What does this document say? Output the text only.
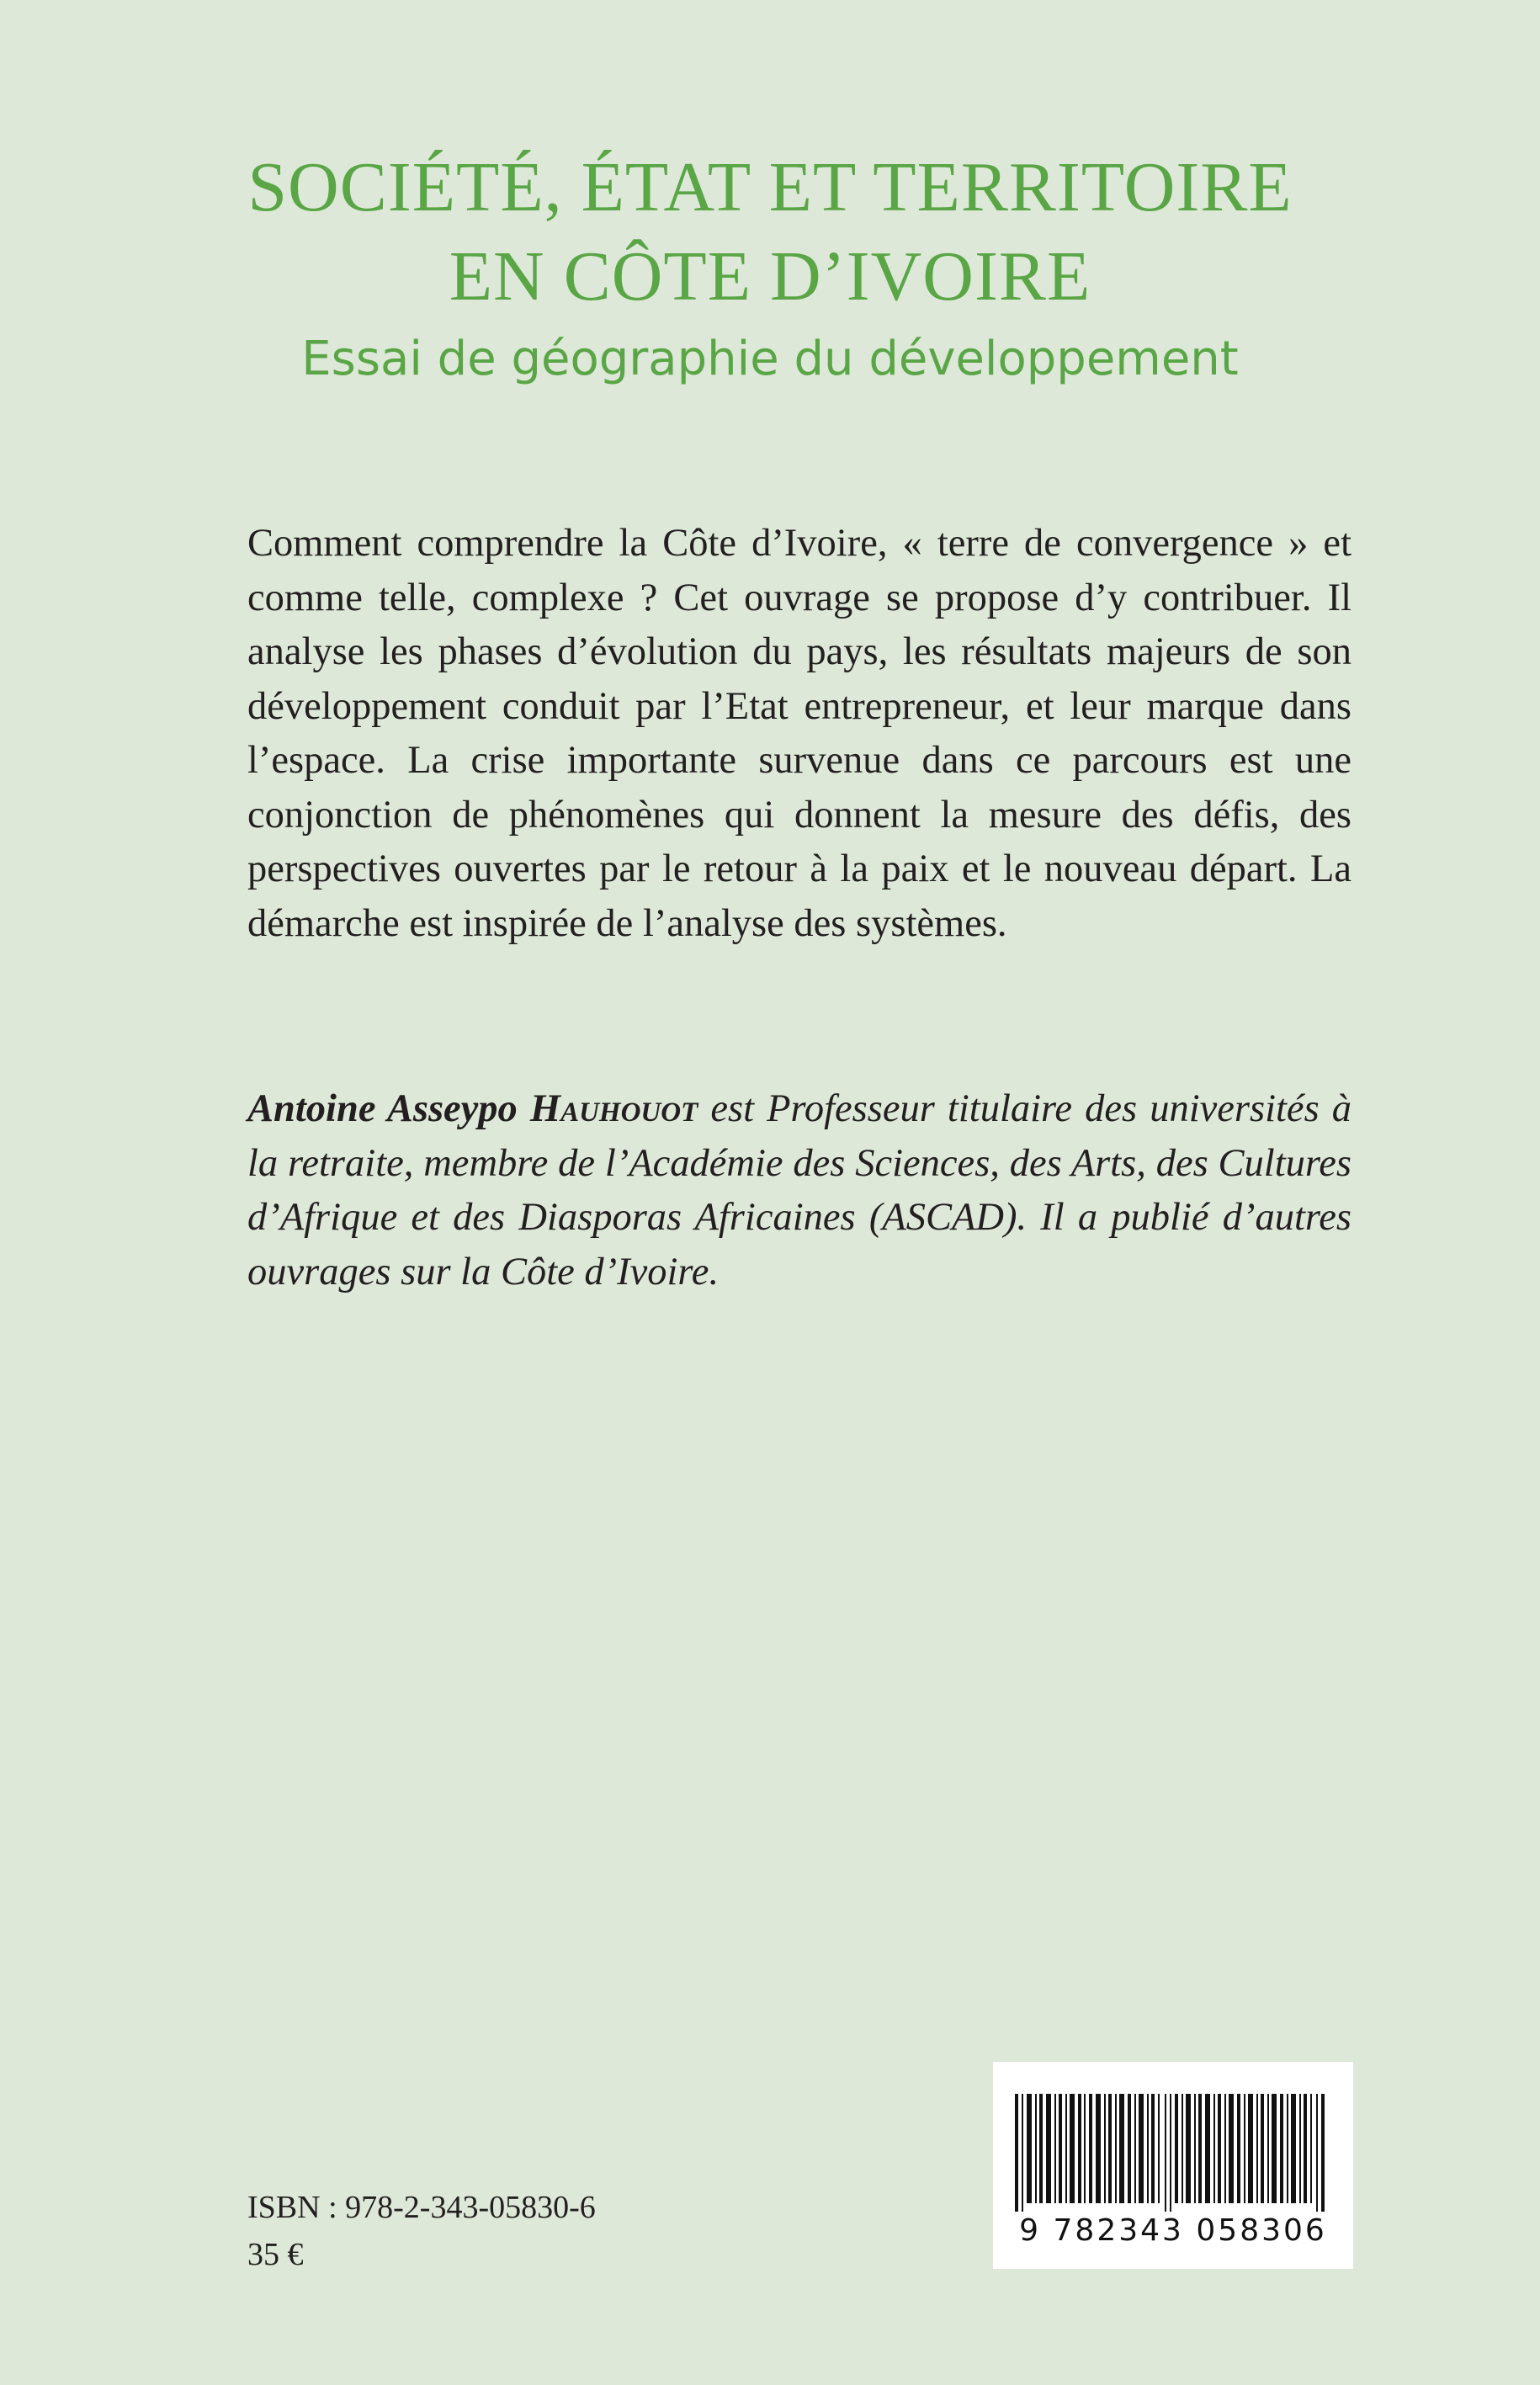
SOCIÉTÉ, ÉTAT ET TERRITOIRE
EN CÔTE D’IVOIRE
Essai de géographie du développement

Comment comprendre la Côte d’Ivoire, « terre de convergence » et comme telle, complexe ? Cet ouvrage se propose d’y contribuer. Il analyse les phases d’évolution du pays, les résultats majeurs de son développement conduit par l’Etat entrepreneur, et leur marque dans l’espace. La crise importante survenue dans ce parcours est une conjonction de phénomènes qui donnent la mesure des défis, des perspectives ouvertes par le retour à la paix et le nouveau départ. La démarche est inspirée de l’analyse des systèmes.

Antoine Asseypo Hauhouot est Professeur titulaire des universités à la retraite, membre de l’Académie des Sciences, des Arts, des Cultures d’Afrique et des Diasporas Africaines (ASCAD). Il a publié d’autres ouvrages sur la Côte d’Ivoire.

9 782343 058306
ISBN : 978-2-343-05830-6
35 €
